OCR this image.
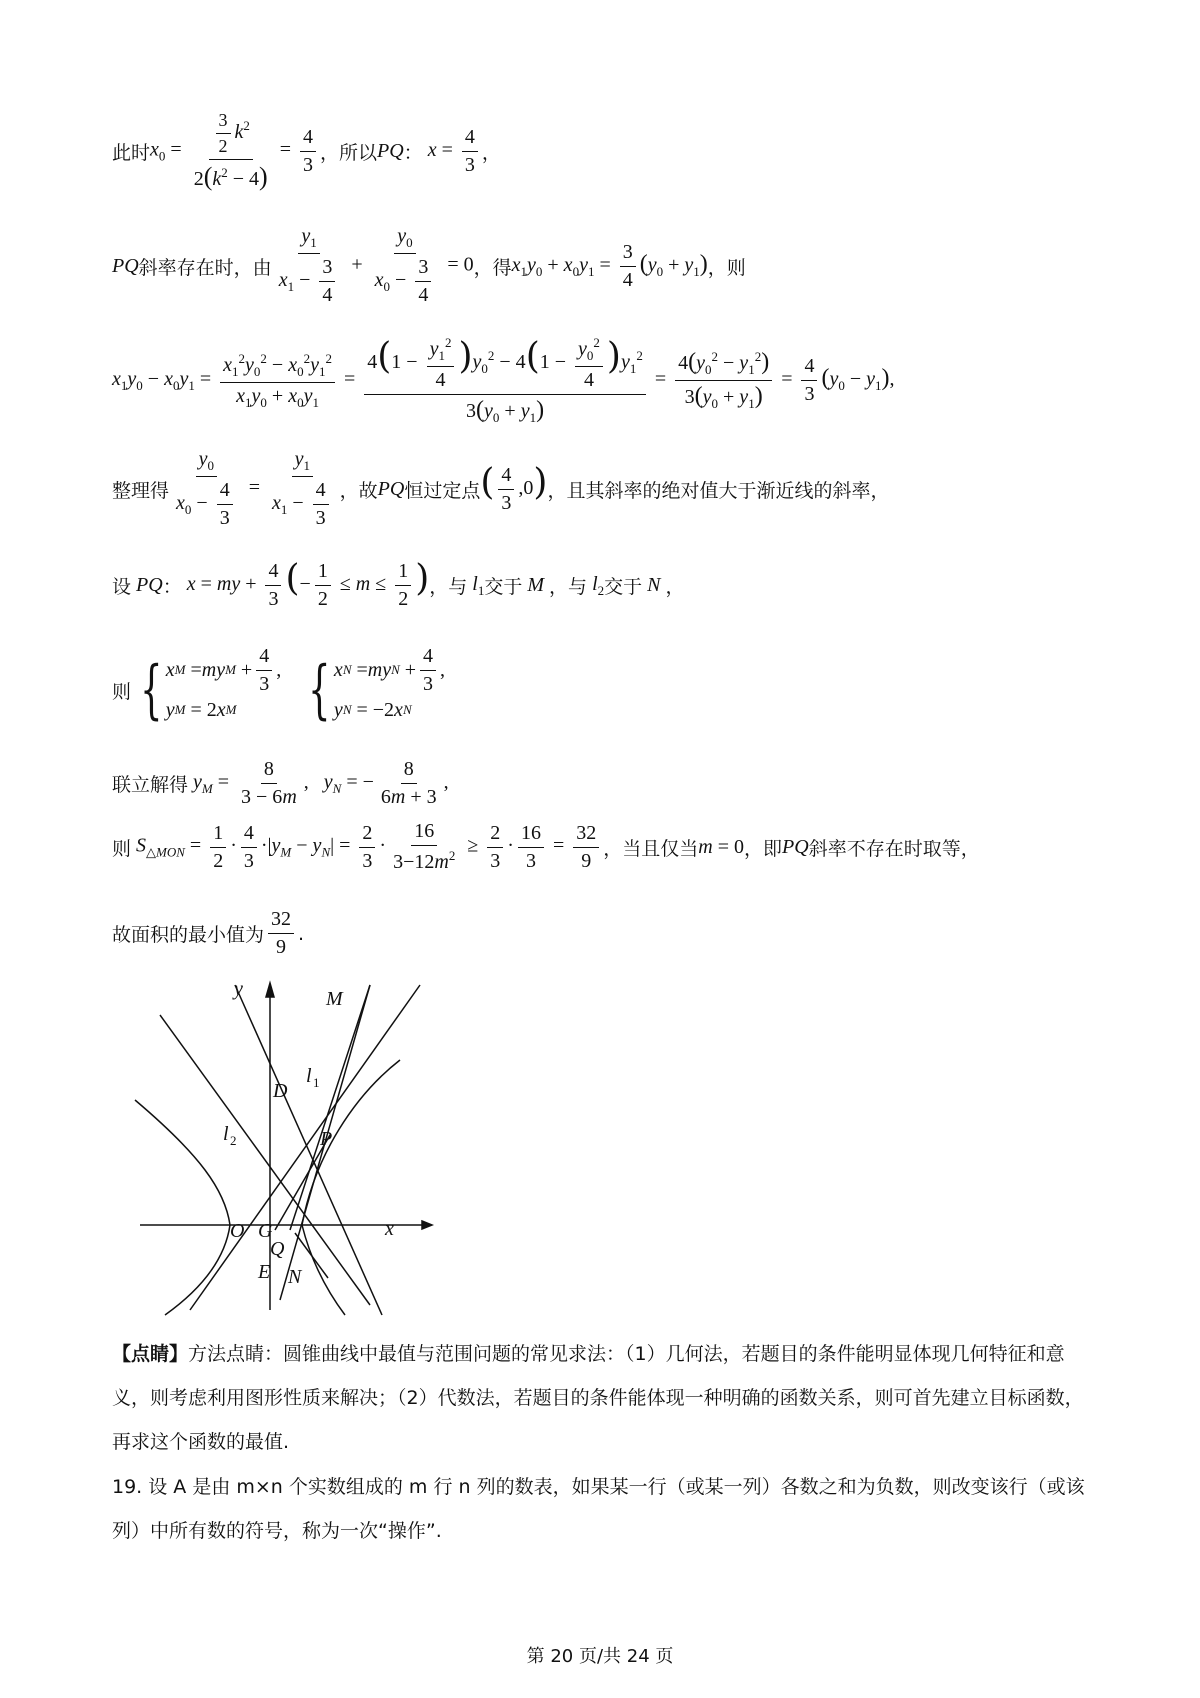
此时 $x_0 = \frac{\frac{3}{2} k^2}{2(k^2 - 4)} = \frac{4}{3}$ ，所以 PQ ： $x = \frac{4}{3}$ ，
PQ 斜率存在时，由 $\frac{y_1}{x_1 - \frac{3}{4}} + \frac{y_0}{x_0 - \frac{3}{4}} = 0$ ，得 $x_1y_0 + x_0y_1 = \frac{3}{4} (y_0 + y_1)$ ，则
$x_1y_0 - x_0y_1 = \frac{x_1^2y_0^2 - x_0^2y_1^2}{x_1y_0 + x_0y_1} = \frac{4(1 - \frac{y_1^2}{4} )y_0^2 - 4(1 - \frac{y_0^2}{4} )y_1^2}{3(y_0 + y_1)} = \frac{4(y_0^2 - y_1^2)}{3(y_0 + y_1)} = \frac{4}{3} (y_0 - y_1)$,
整理得 $\frac{y_0}{x_0 - \frac{4}{3}} = \frac{y_1}{x_1 - \frac{4}{3}}$ ，故 PQ 恒过定点 ( $\frac{4}{3} ,0$) ，且其斜率的绝对值大于渐近线的斜率，
设 PQ ： x = my + $\frac{4}{3}$ (− $\frac{1}{2} \le m \le \frac{1}{2}$ ) ，与 $l_1$ 交于 M ，与 $l_2$ 交于 N ，
则 { x M = my $M + \frac{4}{3}$ ,
y M = 2 x M { x N = my $N + \frac{4}{3}$ ,
y N = −2 x N
联立解得 $y_M = \frac{8}{3 - 6m}$ ,   $y_N$ = − $\frac{8}{6m + 3}$ ,
则 $S_{\triangle MON} = \frac{1}{2} \cdot \frac{4}{3} \cdot|y_M - y_N| = \frac{2}{3} \cdot \frac{16}{3-12m^2} \ge \frac{2}{3} \cdot \frac{16}{3} = \frac{32}{9}$ ，当且仅当 m = 0 ，即 PQ 斜率不存在时取等，
故面积的最小值为 $\frac{32}{9}$ .
y
x
O G
Q
E N
M
D
P
l 1
l 2
【点睛】方法点睛：圆锥曲线中最值与范围问题的常见求法：（1）几何法，若题目的条件能明显体现几何特征和意义，则考虑利用图形性质来解决；（2）代数法，若题目的条件能体现一种明确的函数关系，则可首先建立目标函数，再求这个函数的最值.
19. 设 A 是由 m×n 个实数组成的 m 行 n 列的数表，如果某一行（或某一列）各数之和为负数，则改变该行（或该列）中所有数的符号，称为一次“操作”.
第 20 页/共 24 页
